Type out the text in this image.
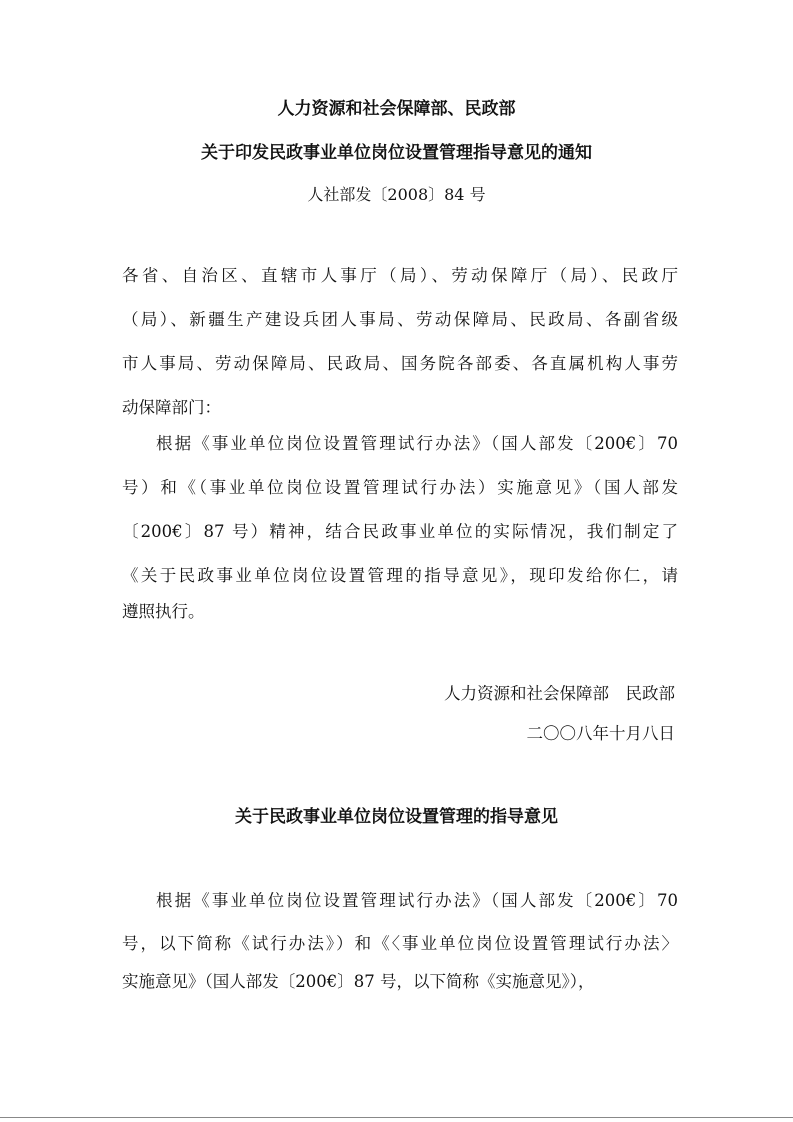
人力资源和社会保障部、民政部
关于印发民政事业单位岗位设置管理指导意见的通知
人社部发〔2008〕84 号
各省、自治区、直辖市人事厅（局）、劳动保障厅（局）、民政厅
（局）、新疆生产建设兵团人事局、劳动保障局、民政局、各副省级
市人事局、劳动保障局、民政局、国务院各部委、各直属机构人事劳
动保障部门：
根据《事业单位岗位设置管理试行办法》（国人部发〔200€〕70
号）和《（事业单位岗位设置管理试行办法）实施意见》（国人部发
〔200€〕87 号）精神，结合民政事业单位的实际情况，我们制定了
《关于民政事业单位岗位设置管理的指导意见》，现印发给你仁，请
遵照执行。
人力资源和社会保障部　民政部
二〇〇八年十月八日
关于民政事业单位岗位设置管理的指导意见
根据《事业单位岗位设置管理试行办法》（国人部发〔200€〕70
号，以下简称《试行办法》）和《〈事业单位岗位设置管理试行办法〉
实施意见》（国人部发〔200€〕87 号，以下简称《实施意见》），
